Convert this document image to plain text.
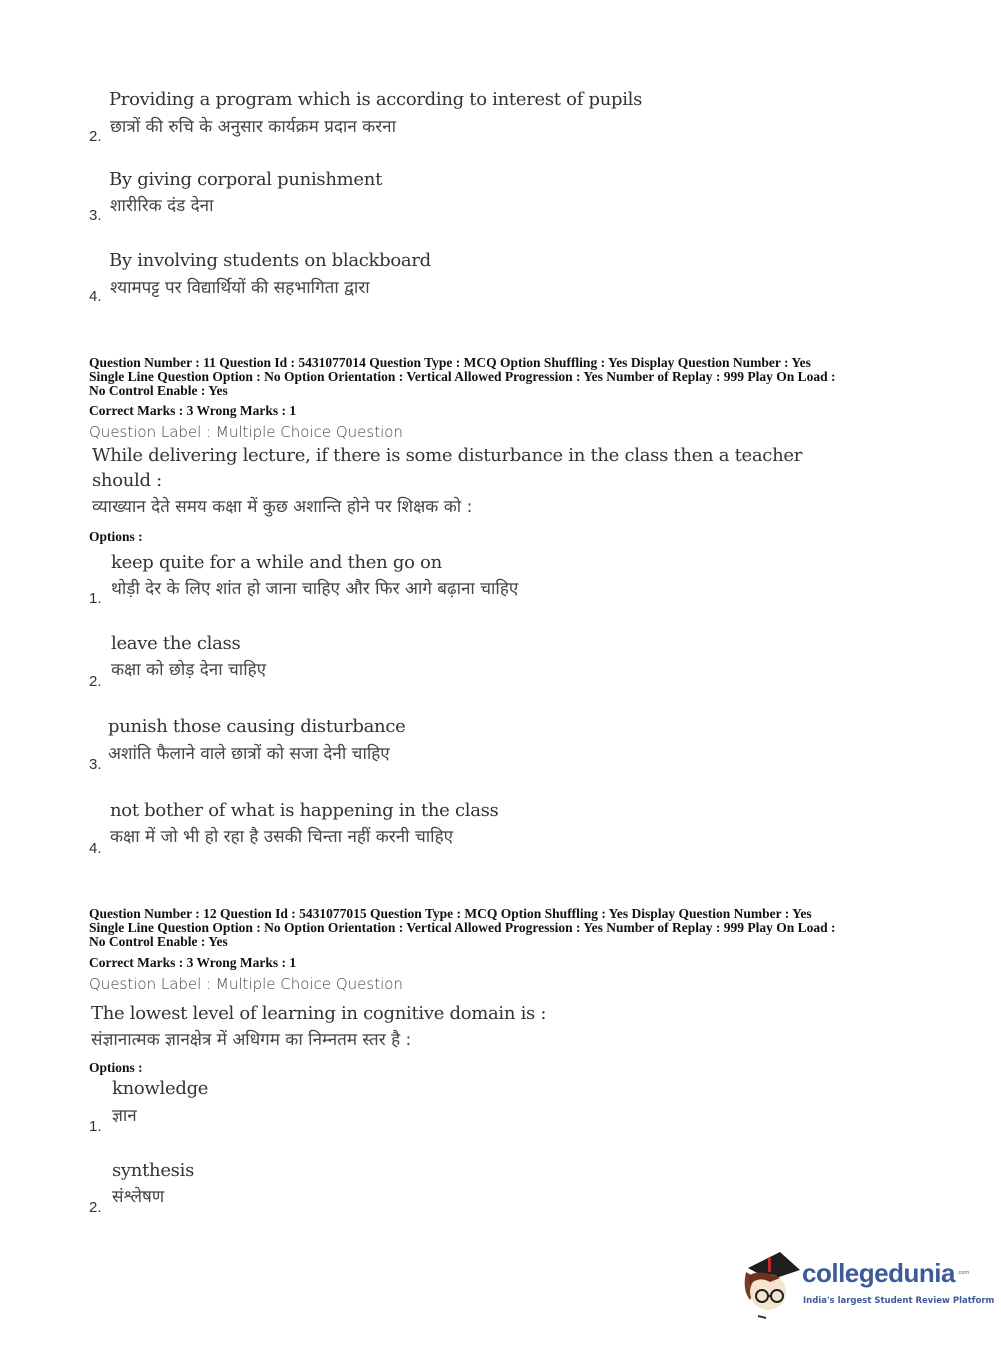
Providing a program which is according to interest of pupils
छात्रों की रुचि के अनुसार कार्यक्रम प्रदान करना
2.
By giving corporal punishment
शारीरिक दंड देना
3.
By involving students on blackboard
श्यामपट्ट पर विद्यार्थियों की सहभागिता द्वारा
4.
Question Number : 11 Question Id : 5431077014 Question Type : MCQ Option Shuffling : Yes Display Question Number : Yes
Single Line Question Option : No Option Orientation : Vertical Allowed Progression : Yes Number of Replay : 999 Play On Load :
No Control Enable : Yes
Correct Marks : 3 Wrong Marks : 1
Question Label : Multiple Choice Question
While delivering lecture, if there is some disturbance in the class then a teacher
should :
व्याख्यान देते समय कक्षा में कुछ अशान्ति होने पर शिक्षक को :
Options :
keep quite for a while and then go on
थोड़ी देर के लिए शांत हो जाना चाहिए और फिर आगे बढ़ाना चाहिए
1.
leave the class
कक्षा को छोड़ देना चाहिए
2.
punish those causing disturbance
अशांति फैलाने वाले छात्रों को सजा देनी चाहिए
3.
not bother of what is happening in the class
कक्षा में जो भी हो रहा है उसकी चिन्ता नहीं करनी चाहिए
4.
Question Number : 12 Question Id : 5431077015 Question Type : MCQ Option Shuffling : Yes Display Question Number : Yes
Single Line Question Option : No Option Orientation : Vertical Allowed Progression : Yes Number of Replay : 999 Play On Load :
No Control Enable : Yes
Correct Marks : 3 Wrong Marks : 1
Question Label : Multiple Choice Question
The lowest level of learning in cognitive domain is :
संज्ञानात्मक ज्ञानक्षेत्र में अधिगम का निम्नतम स्तर है :
Options :
knowledge
ज्ञान
1.
synthesis
संश्लेषण
2.
collegedunia .com
India's largest Student Review Platform
